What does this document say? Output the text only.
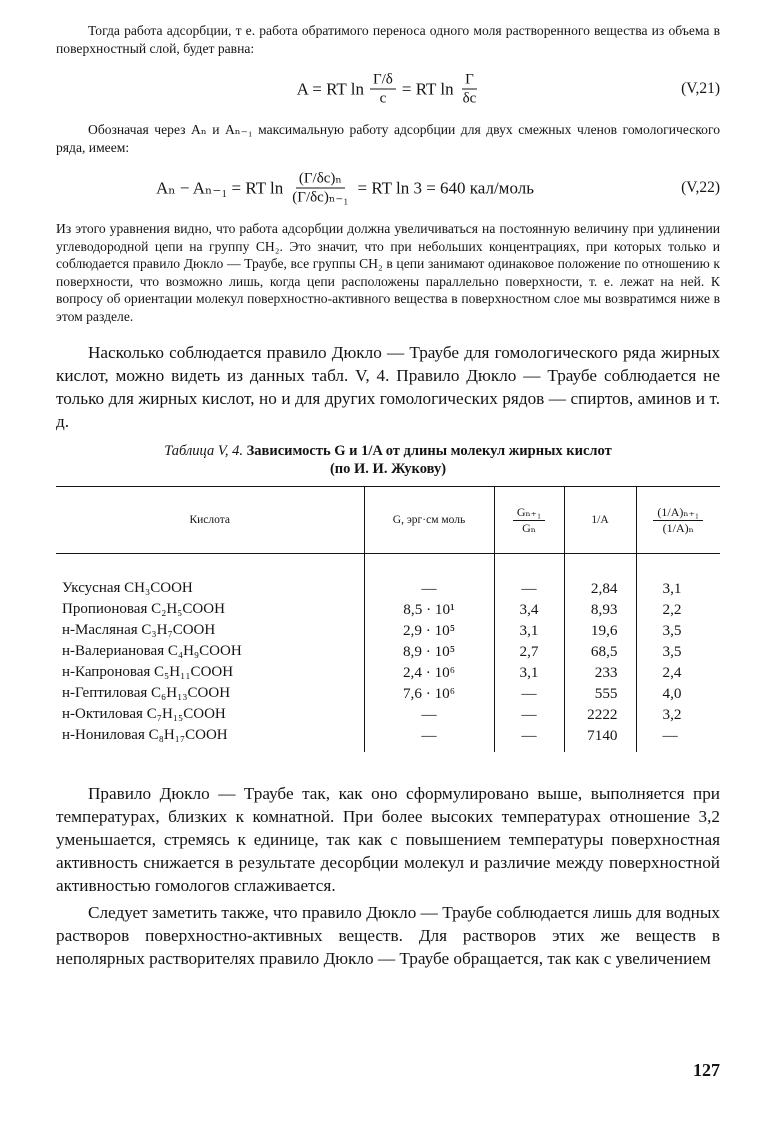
Тогда работа адсорбции, т е. работа обратимого переноса одного моля растворенного вещества из объема в поверхностный слой, будет равна:

A = RT $\ln \frac{\Gamma/\delta}{c}$ = RT $\ln \frac{\Gamma}{\delta c}$	(V,21)

Обозначая через Aₙ и Aₙ₋₁ максимальную работу адсорбции для двух смежных членов гомологического ряда, имеем:

Aₙ − Aₙ₋₁ = RT $\ln \frac{\text{(Γ/δc)ₙ}}{\text{(Γ/δc)ₙ₋₁}}$ = RT ln 3 = 640 кал/моль	(V,22)

Из этого уравнения видно, что работа адсорбции должна увеличиваться на постоянную величину при удлинении углеводородной цепи на группу CH₂. Это значит, что при небольших концентрациях, при которых только и соблюдается правило Дюкло — Траубе, все группы CH₂ в цепи занимают одинаковое положение по отношению к поверхности, что возможно лишь, когда цепи расположены параллельно поверхности, т. е. лежат на ней. К вопросу об ориентации молекул поверхностно-активного вещества в поверхностном слое мы возвратимся ниже в этом разделе.

Насколько соблюдается правило Дюкло — Траубе для гомологического ряда жирных кислот, можно видеть из данных табл. V, 4. Правило Дюкло — Траубе соблюдается не только для жирных кислот, но и для других гомологических рядов — спиртов, аминов и т. д.

Таблица V, 4. Зависимость G и 1/A от длины молекул жирных кислот
(по И. И. Жукову)
Кислота	G, эрг·см моль	$\frac{\text{Gₙ₊₁}}{\text{Gₙ}}$	1/A	$\frac{\text{(1/A)ₙ₊₁}}{\text{(1/A)ₙ}}$

Уксусная CH₃COOH	—	—	2,84	3,1
Пропионовая C₂H₅COOH	8,5 · 10¹	3,4	8,93	2,2
н-Масляная C₃H₇COOH	2,9 · 10⁵	3,1	19,6	3,5
н-Валериановая C₄H₉COOH	8,9 · 10⁵	2,7	68,5	3,5
н-Капроновая C₅H₁₁COOH	2,4 · 10⁶	3,1	233	2,4
н-Гептиловая C₆H₁₃COOH	7,6 · 10⁶	—	555	4,0
н-Октиловая C₇H₁₅COOH	—	—	2222	3,2
н-Нониловая C₈H₁₇COOH	—	—	7140	—

Правило Дюкло — Траубе так, как оно сформулировано выше, выполняется при температурах, близких к комнатной. При более высоких температурах отношение 3,2 уменьшается, стремясь к единице, так как с повышением температуры поверхностная активность снижается в результате десорбции молекул и различие между поверхностной активностью гомологов сглаживается.

Следует заметить также, что правило Дюкло — Траубе соблюдается лишь для водных растворов поверхностно-активных веществ. Для растворов этих же веществ в неполярных растворителях правило Дюкло — Траубе обращается, так как с увеличением

127
